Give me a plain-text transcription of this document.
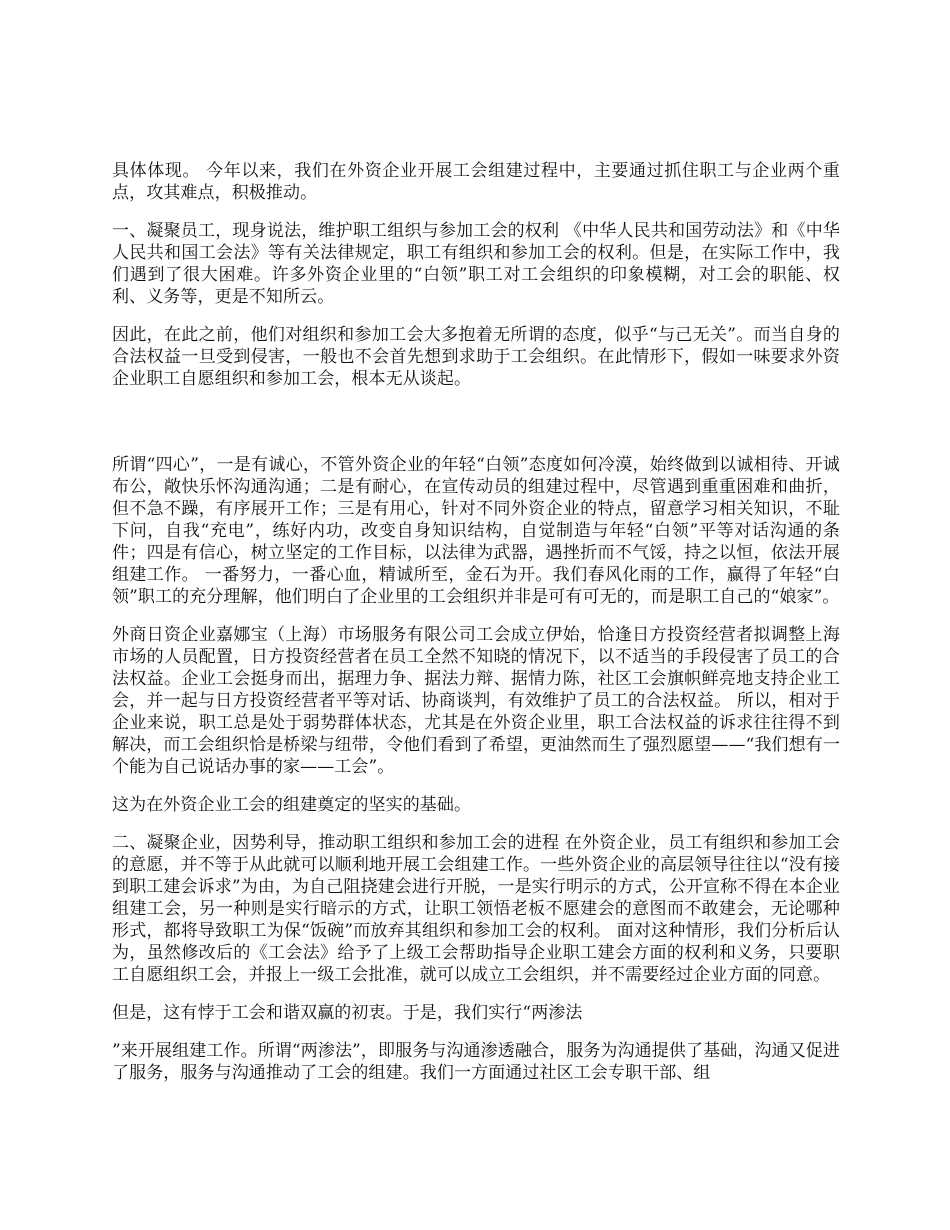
具体体现。 今年以来，我们在外资企业开展工会组建过程中，主要通过抓住职工与企业两个重点，攻其难点，积极推动。

一、凝聚员工，现身说法，维护职工组织与参加工会的权利 《中华人民共和国劳动法》和《中华人民共和国工会法》等有关法律规定，职工有组织和参加工会的权利。但是，在实际工作中，我们遇到了很大困难。许多外资企业里的“白领”职工对工会组织的印象模糊，对工会的职能、权利、义务等，更是不知所云。

因此，在此之前，他们对组织和参加工会大多抱着无所谓的态度，似乎“与己无关”。而当自身的合法权益一旦受到侵害，一般也不会首先想到求助于工会组织。在此情形下，假如一味要求外资企业职工自愿组织和参加工会，根本无从谈起。

所谓“四心”，一是有诚心，不管外资企业的年轻“白领”态度如何冷漠，始终做到以诚相待、开诚布公，敞快乐怀沟通沟通；二是有耐心，在宣传动员的组建过程中，尽管遇到重重困难和曲折，但不急不躁，有序展开工作；三是有用心，针对不同外资企业的特点，留意学习相关知识，不耻下问，自我“充电”，练好内功，改变自身知识结构，自觉制造与年轻“白领”平等对话沟通的条件；四是有信心，树立坚定的工作目标，以法律为武器，遇挫折而不气馁，持之以恒，依法开展组建工作。 一番努力，一番心血，精诚所至，金石为开。我们春风化雨的工作，赢得了年轻“白领”职工的充分理解，他们明白了企业里的工会组织并非是可有可无的，而是职工自己的“娘家”。

外商日资企业嘉娜宝（上海）市场服务有限公司工会成立伊始，恰逢日方投资经营者拟调整上海市场的人员配置，日方投资经营者在员工全然不知晓的情况下，以不适当的手段侵害了员工的合法权益。企业工会挺身而出，据理力争、据法力辩、据情力陈，社区工会旗帜鲜亮地支持企业工会，并一起与日方投资经营者平等对话、协商谈判，有效维护了员工的合法权益。 所以，相对于企业来说，职工总是处于弱势群体状态，尤其是在外资企业里，职工合法权益的诉求往往得不到解决，而工会组织恰是桥梁与纽带，令他们看到了希望，更油然而生了强烈愿望——“我们想有一个能为自己说话办事的家——工会”。

这为在外资企业工会的组建奠定的坚实的基础。

二、凝聚企业，因势利导，推动职工组织和参加工会的进程 在外资企业，员工有组织和参加工会的意愿，并不等于从此就可以顺利地开展工会组建工作。一些外资企业的高层领导往往以“没有接到职工建会诉求”为由，为自己阻挠建会进行开脱，一是实行明示的方式，公开宣称不得在本企业组建工会，另一种则是实行暗示的方式，让职工领悟老板不愿建会的意图而不敢建会，无论哪种形式，都将导致职工为保“饭碗”而放弃其组织和参加工会的权利。 面对这种情形，我们分析后认为，虽然修改后的《工会法》给予了上级工会帮助指导企业职工建会方面的权利和义务，只要职工自愿组织工会，并报上一级工会批准，就可以成立工会组织，并不需要经过企业方面的同意。

但是，这有悖于工会和谐双赢的初衷。于是，我们实行“两渗法

”来开展组建工作。所谓“两渗法”，即服务与沟通渗透融合，服务为沟通提供了基础，沟通又促进了服务，服务与沟通推动了工会的组建。我们一方面通过社区工会专职干部、组
